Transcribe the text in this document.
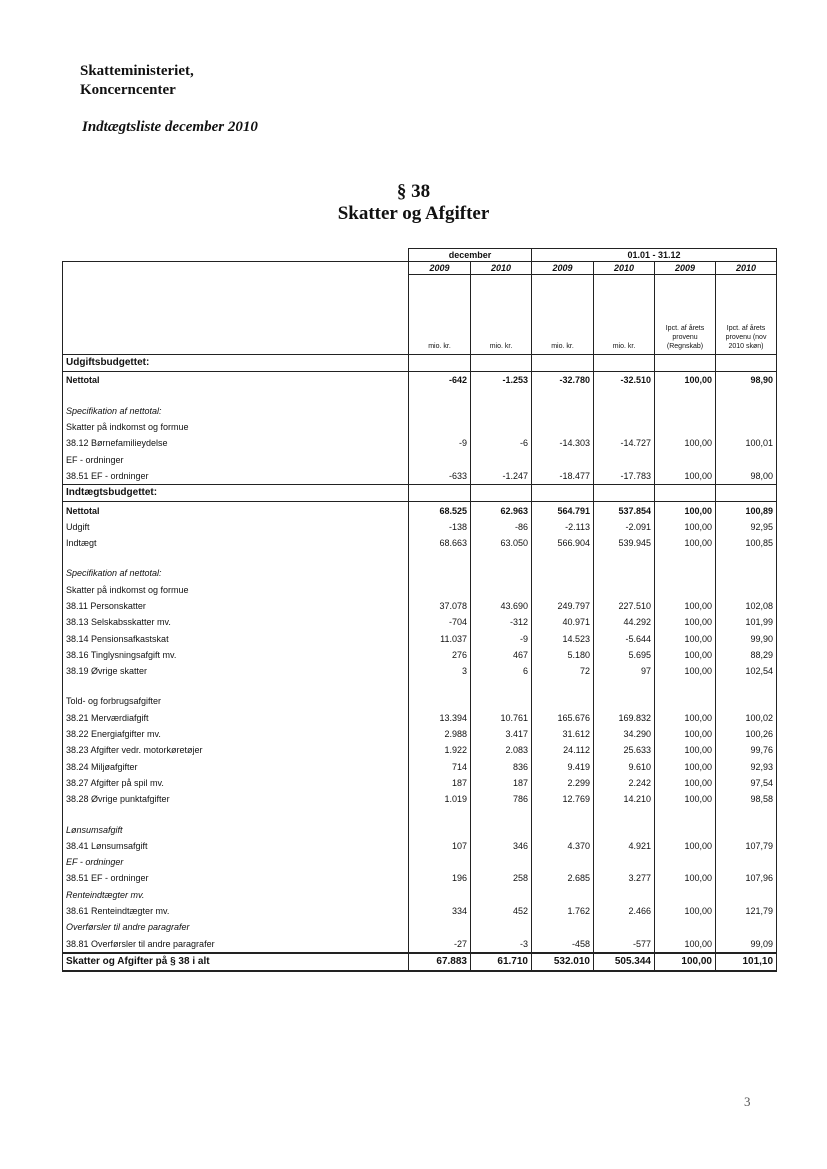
Skatteministeriet,
Koncerncenter
Indtægtsliste december 2010
§ 38
Skatter og Afgifter
	december		01.01 - 31.12			
	2009	2010	2009	2010	2009	2010
	mio. kr.	mio. kr.	mio. kr.	mio. kr.	Ipct. af årets provenu (Regnskab)	Ipct. af årets provenu (nov 2010 skøn)
Udgiftsbudgettet:						
Nettotal	-642	-1.253	-32.780	-32.510	100,00	98,90

Specifikation af nettotal:						
Skatter på indkomst og formue						
38.12 Børnefamilieydelse	-9	-6	-14.303	-14.727	100,00	100,01
EF - ordninger						
38.51 EF - ordninger	-633	-1.247	-18.477	-17.783	100,00	98,00
Indtægtsbudgettet:						
Nettotal	68.525	62.963	564.791	537.854	100,00	100,89
Udgift	-138	-86	-2.113	-2.091	100,00	92,95
Indtægt	68.663	63.050	566.904	539.945	100,00	100,85

Specifikation af nettotal:						
Skatter på indkomst og formue						
38.11 Personskatter	37.078	43.690	249.797	227.510	100,00	102,08
38.13 Selskabsskatter mv.	-704	-312	40.971	44.292	100,00	101,99
38.14 Pensionsafkastskat	11.037	-9	14.523	-5.644	100,00	99,90
38.16 Tinglysningsafgift mv.	276	467	5.180	5.695	100,00	88,29
38.19 Øvrige skatter	3	6	72	97	100,00	102,54

Told- og forbrugsafgifter						
38.21 Merværdiafgift	13.394	10.761	165.676	169.832	100,00	100,02
38.22 Energiafgifter mv.	2.988	3.417	31.612	34.290	100,00	100,26
38.23 Afgifter vedr. motorkøretøjer	1.922	2.083	24.112	25.633	100,00	99,76
38.24 Miljøafgifter	714	836	9.419	9.610	100,00	92,93
38.27 Afgifter på spil mv.	187	187	2.299	2.242	100,00	97,54
38.28 Øvrige punktafgifter	1.019	786	12.769	14.210	100,00	98,58

Lønsumsafgift						
38.41 Lønsumsafgift	107	346	4.370	4.921	100,00	107,79
EF - ordninger						
38.51 EF - ordninger	196	258	2.685	3.277	100,00	107,96
Renteindtægter mv.						
38.61 Renteindtægter mv.	334	452	1.762	2.466	100,00	121,79
Overførsler til andre paragrafer						
38.81 Overførsler til andre paragrafer	-27	-3	-458	-577	100,00	99,09
Skatter og Afgifter på § 38 i alt	67.883	61.710	532.010	505.344	100,00	101,10
3
